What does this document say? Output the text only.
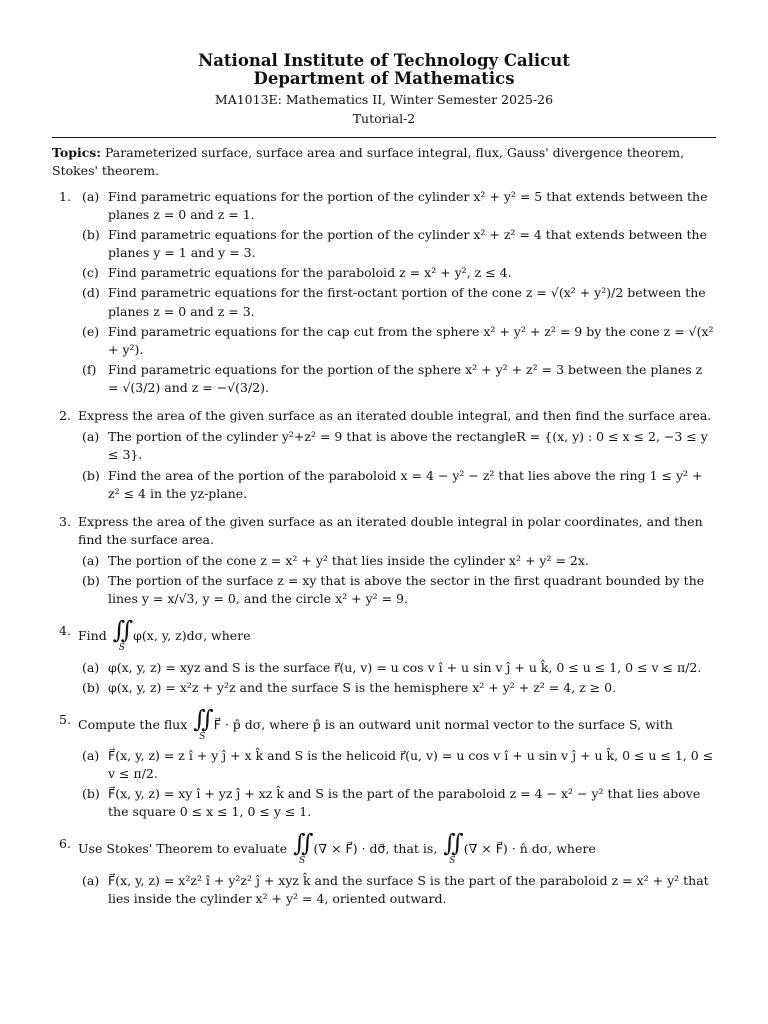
National Institute of Technology Calicut
Department of Mathematics
MA1013E: Mathematics II, Winter Semester 2025-26
Tutorial-2
Topics: Parameterized surface, surface area and surface integral, flux, Gauss' divergence theorem, Stokes' theorem.
1. (a) Find parametric equations for the portion of the cylinder x² + y² = 5 that extends between the planes z = 0 and z = 1.
(b) Find parametric equations for the portion of the cylinder x² + z² = 4 that extends between the planes y = 1 and y = 3.
(c) Find parametric equations for the paraboloid z = x² + y², z ≤ 4.
(d) Find parametric equations for the first-octant portion of the cone z = √(x² + y²)/2 between the planes z = 0 and z = 3.
(e) Find parametric equations for the cap cut from the sphere x² + y² + z² = 9 by the cone z = √(x² + y²).
(f) Find parametric equations for the portion of the sphere x² + y² + z² = 3 between the planes z = √(3/2) and z = −√(3/2).
2. Express the area of the given surface as an iterated double integral, and then find the surface area.
(a) The portion of the cylinder y²+z² = 9 that is above the rectangleR = {(x, y) : 0 ≤ x ≤ 2, −3 ≤ y ≤ 3}.
(b) Find the area of the portion of the paraboloid x = 4 − y² − z² that lies above the ring 1 ≤ y² + z² ≤ 4 in the yz-plane.
3. Express the area of the given surface as an iterated double integral in polar coordinates, and then find the surface area.
(a) The portion of the cone z = x² + y² that lies inside the cylinder x² + y² = 2x.
(b) The portion of the surface z = xy that is above the sector in the first quadrant bounded by the lines y = x/√3, y = 0, and the circle x² + y² = 9.
4. Find ∬
S
φ(x, y, z)dσ, where
(a) φ(x, y, z) = xyz and S is the surface r⃗(u, v) = u cos v î + u sin v ĵ + u k̂, 0 ≤ u ≤ 1, 0 ≤ v ≤ π/2.
(b) φ(x, y, z) = x²z + y²z and the surface S is the hemisphere x² + y² + z² = 4, z ≥ 0.
5. Compute the flux ∬
S
F⃗ · p̂ dσ, where p̂ is an outward unit normal vector to the surface S, with
(a) F⃗(x, y, z) = z î + y ĵ + x k̂ and S is the helicoid r⃗(u, v) = u cos v î + u sin v ĵ + u k̂, 0 ≤ u ≤ 1, 0 ≤ v ≤ π/2.
(b) F⃗(x, y, z) = xy î + yz ĵ + xz k̂ and S is the part of the paraboloid z = 4 − x² − y² that lies above the square 0 ≤ x ≤ 1, 0 ≤ y ≤ 1.
6. Use Stokes' Theorem to evaluate ∬
S
(∇ × F⃗) · dσ⃗, that is, ∬
S
(∇ × F⃗) · n̂ dσ, where
(a) F⃗(x, y, z) = x²z² î + y²z² ĵ + xyz k̂ and the surface S is the part of the paraboloid z = x² + y² that lies inside the cylinder x² + y² = 4, oriented outward.
